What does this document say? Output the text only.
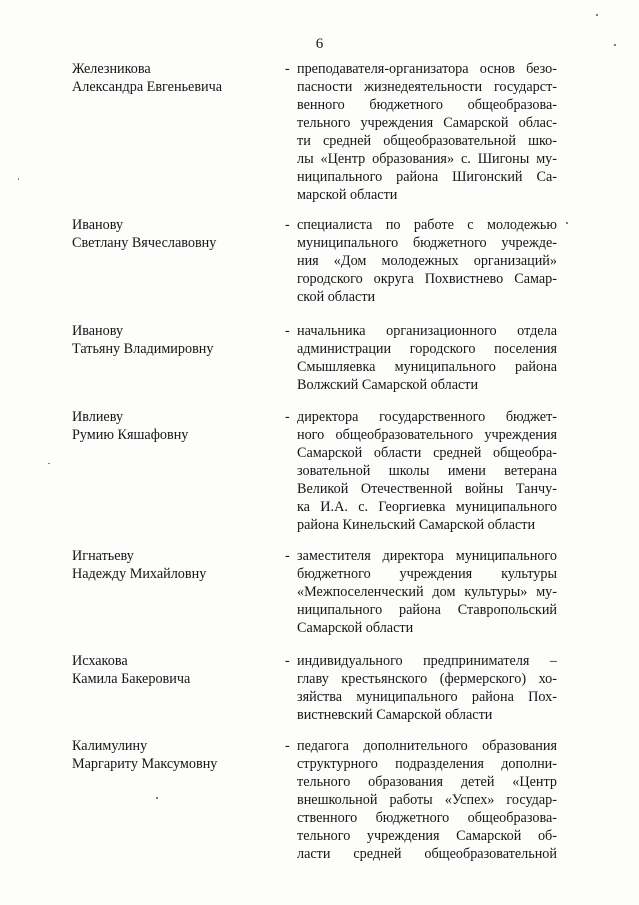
6
Железникова
Александра Евгеньевича
- преподавателя-организатора основ безо-
пасности жизнедеятельности государст-
венного бюджетного общеобразова-
тельного учреждения Самарской облас-
ти средней общеобразовательной шко-
лы «Центр образования» с. Шигоны му-
ниципального района Шигонский Са-
марской области
Иванову
Светлану Вячеславовну
- специалиста по работе с молодежью
муниципального бюджетного учрежде-
ния «Дом молодежных организаций»
городского округа Похвистнево Самар-
ской области
Иванову
Татьяну Владимировну
- начальника организационного отдела
администрации городского поселения
Смышляевка муниципального района
Волжский Самарской области
Ивлиеву
Румию Кяшафовну
- директора государственного бюджет-
ного общеобразовательного учреждения
Самарской области средней общеобра-
зовательной школы имени ветерана
Великой Отечественной войны Танчу-
ка И.А. с. Георгиевка муниципального
района Кинельский Самарской области
Игнатьеву
Надежду Михайловну
- заместителя директора муниципального
бюджетного учреждения культуры
«Межпоселенческий дом культуры» му-
ниципального района Ставропольский
Самарской области
Исхакова
Камила Бакеровича
- индивидуального предпринимателя –
главу крестьянского (фермерского) хо-
зяйства муниципального района Пох-
вистневский Самарской области
Калимулину
Маргариту Максумовну
- педагога дополнительного образования
структурного подразделения дополни-
тельного образования детей «Центр
внешкольной работы «Успех» государ-
ственного бюджетного общеобразова-
тельного учреждения Самарской об-
ласти средней общеобразовательной
